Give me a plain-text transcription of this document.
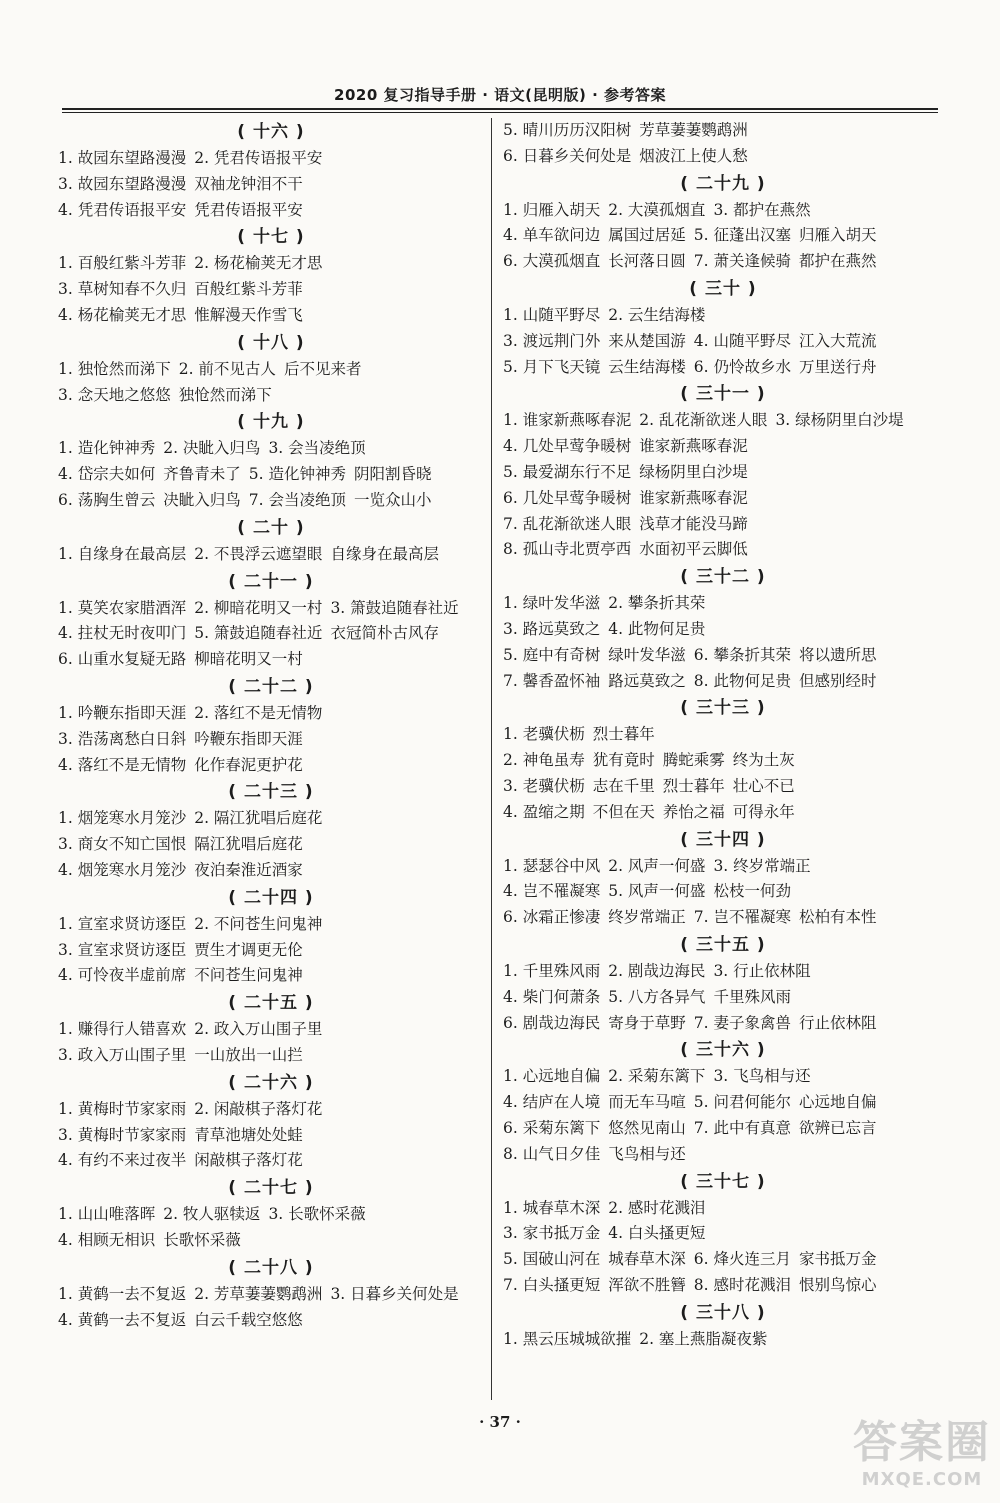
2020 复习指导手册 · 语文(昆明版) · 参考答案
( 十六 )
1. 故园东望路漫漫 2. 凭君传语报平安
3. 故园东望路漫漫 双袖龙钟泪不干
4. 凭君传语报平安 凭君传语报平安
( 十七 )
1. 百般红紫斗芳菲 2. 杨花榆荚无才思
3. 草树知春不久归 百般红紫斗芳菲
4. 杨花榆荚无才思 惟解漫天作雪飞
( 十八 )
1. 独怆然而涕下 2. 前不见古人 后不见来者
3. 念天地之悠悠 独怆然而涕下
( 十九 )
1. 造化钟神秀 2. 决眦入归鸟 3. 会当凌绝顶
4. 岱宗夫如何 齐鲁青未了 5. 造化钟神秀 阴阳割昏晓
6. 荡胸生曾云 决眦入归鸟 7. 会当凌绝顶 一览众山小
( 二十 )
1. 自缘身在最高层 2. 不畏浮云遮望眼 自缘身在最高层
( 二十一 )
1. 莫笑农家腊酒浑 2. 柳暗花明又一村 3. 箫鼓追随春社近
4. 拄杖无时夜叩门 5. 箫鼓追随春社近 衣冠简朴古风存
6. 山重水复疑无路 柳暗花明又一村
( 二十二 )
1. 吟鞭东指即天涯 2. 落红不是无情物
3. 浩荡离愁白日斜 吟鞭东指即天涯
4. 落红不是无情物 化作春泥更护花
( 二十三 )
1. 烟笼寒水月笼沙 2. 隔江犹唱后庭花
3. 商女不知亡国恨 隔江犹唱后庭花
4. 烟笼寒水月笼沙 夜泊秦淮近酒家
( 二十四 )
1. 宣室求贤访逐臣 2. 不问苍生问鬼神
3. 宣室求贤访逐臣 贾生才调更无伦
4. 可怜夜半虚前席 不问苍生问鬼神
( 二十五 )
1. 赚得行人错喜欢 2. 政入万山围子里
3. 政入万山围子里 一山放出一山拦
( 二十六 )
1. 黄梅时节家家雨 2. 闲敲棋子落灯花
3. 黄梅时节家家雨 青草池塘处处蛙
4. 有约不来过夜半 闲敲棋子落灯花
( 二十七 )
1. 山山唯落晖 2. 牧人驱犊返 3. 长歌怀采薇
4. 相顾无相识 长歌怀采薇
( 二十八 )
1. 黄鹤一去不复返 2. 芳草萋萋鹦鹉洲 3. 日暮乡关何处是
4. 黄鹤一去不复返 白云千载空悠悠
5. 晴川历历汉阳树 芳草萋萋鹦鹉洲
6. 日暮乡关何处是 烟波江上使人愁
( 二十九 )
1. 归雁入胡天 2. 大漠孤烟直 3. 都护在燕然
4. 单车欲问边 属国过居延 5. 征蓬出汉塞 归雁入胡天
6. 大漠孤烟直 长河落日圆 7. 萧关逢候骑 都护在燕然
( 三十 )
1. 山随平野尽 2. 云生结海楼
3. 渡远荆门外 来从楚国游 4. 山随平野尽 江入大荒流
5. 月下飞天镜 云生结海楼 6. 仍怜故乡水 万里送行舟
( 三十一 )
1. 谁家新燕啄春泥 2. 乱花渐欲迷人眼 3. 绿杨阴里白沙堤
4. 几处早莺争暖树 谁家新燕啄春泥
5. 最爱湖东行不足 绿杨阴里白沙堤
6. 几处早莺争暖树 谁家新燕啄春泥
7. 乱花渐欲迷人眼 浅草才能没马蹄
8. 孤山寺北贾亭西 水面初平云脚低
( 三十二 )
1. 绿叶发华滋 2. 攀条折其荣
3. 路远莫致之 4. 此物何足贵
5. 庭中有奇树 绿叶发华滋 6. 攀条折其荣 将以遗所思
7. 馨香盈怀袖 路远莫致之 8. 此物何足贵 但感别经时
( 三十三 )
1. 老骥伏枥 烈士暮年
2. 神龟虽寿 犹有竟时 腾蛇乘雾 终为土灰
3. 老骥伏枥 志在千里 烈士暮年 壮心不已
4. 盈缩之期 不但在天 养怡之福 可得永年
( 三十四 )
1. 瑟瑟谷中风 2. 风声一何盛 3. 终岁常端正
4. 岂不罹凝寒 5. 风声一何盛 松枝一何劲
6. 冰霜正惨凄 终岁常端正 7. 岂不罹凝寒 松柏有本性
( 三十五 )
1. 千里殊风雨 2. 剧哉边海民 3. 行止依林阻
4. 柴门何萧条 5. 八方各异气 千里殊风雨
6. 剧哉边海民 寄身于草野 7. 妻子象禽兽 行止依林阻
( 三十六 )
1. 心远地自偏 2. 采菊东篱下 3. 飞鸟相与还
4. 结庐在人境 而无车马喧 5. 问君何能尔 心远地自偏
6. 采菊东篱下 悠然见南山 7. 此中有真意 欲辨已忘言
8. 山气日夕佳 飞鸟相与还
( 三十七 )
1. 城春草木深 2. 感时花溅泪
3. 家书抵万金 4. 白头搔更短
5. 国破山河在 城春草木深 6. 烽火连三月 家书抵万金
7. 白头搔更短 浑欲不胜簪 8. 感时花溅泪 恨别鸟惊心
( 三十八 )
1. 黑云压城城欲摧 2. 塞上燕脂凝夜紫
· 37 ·	答案圈
MXQE.COM
